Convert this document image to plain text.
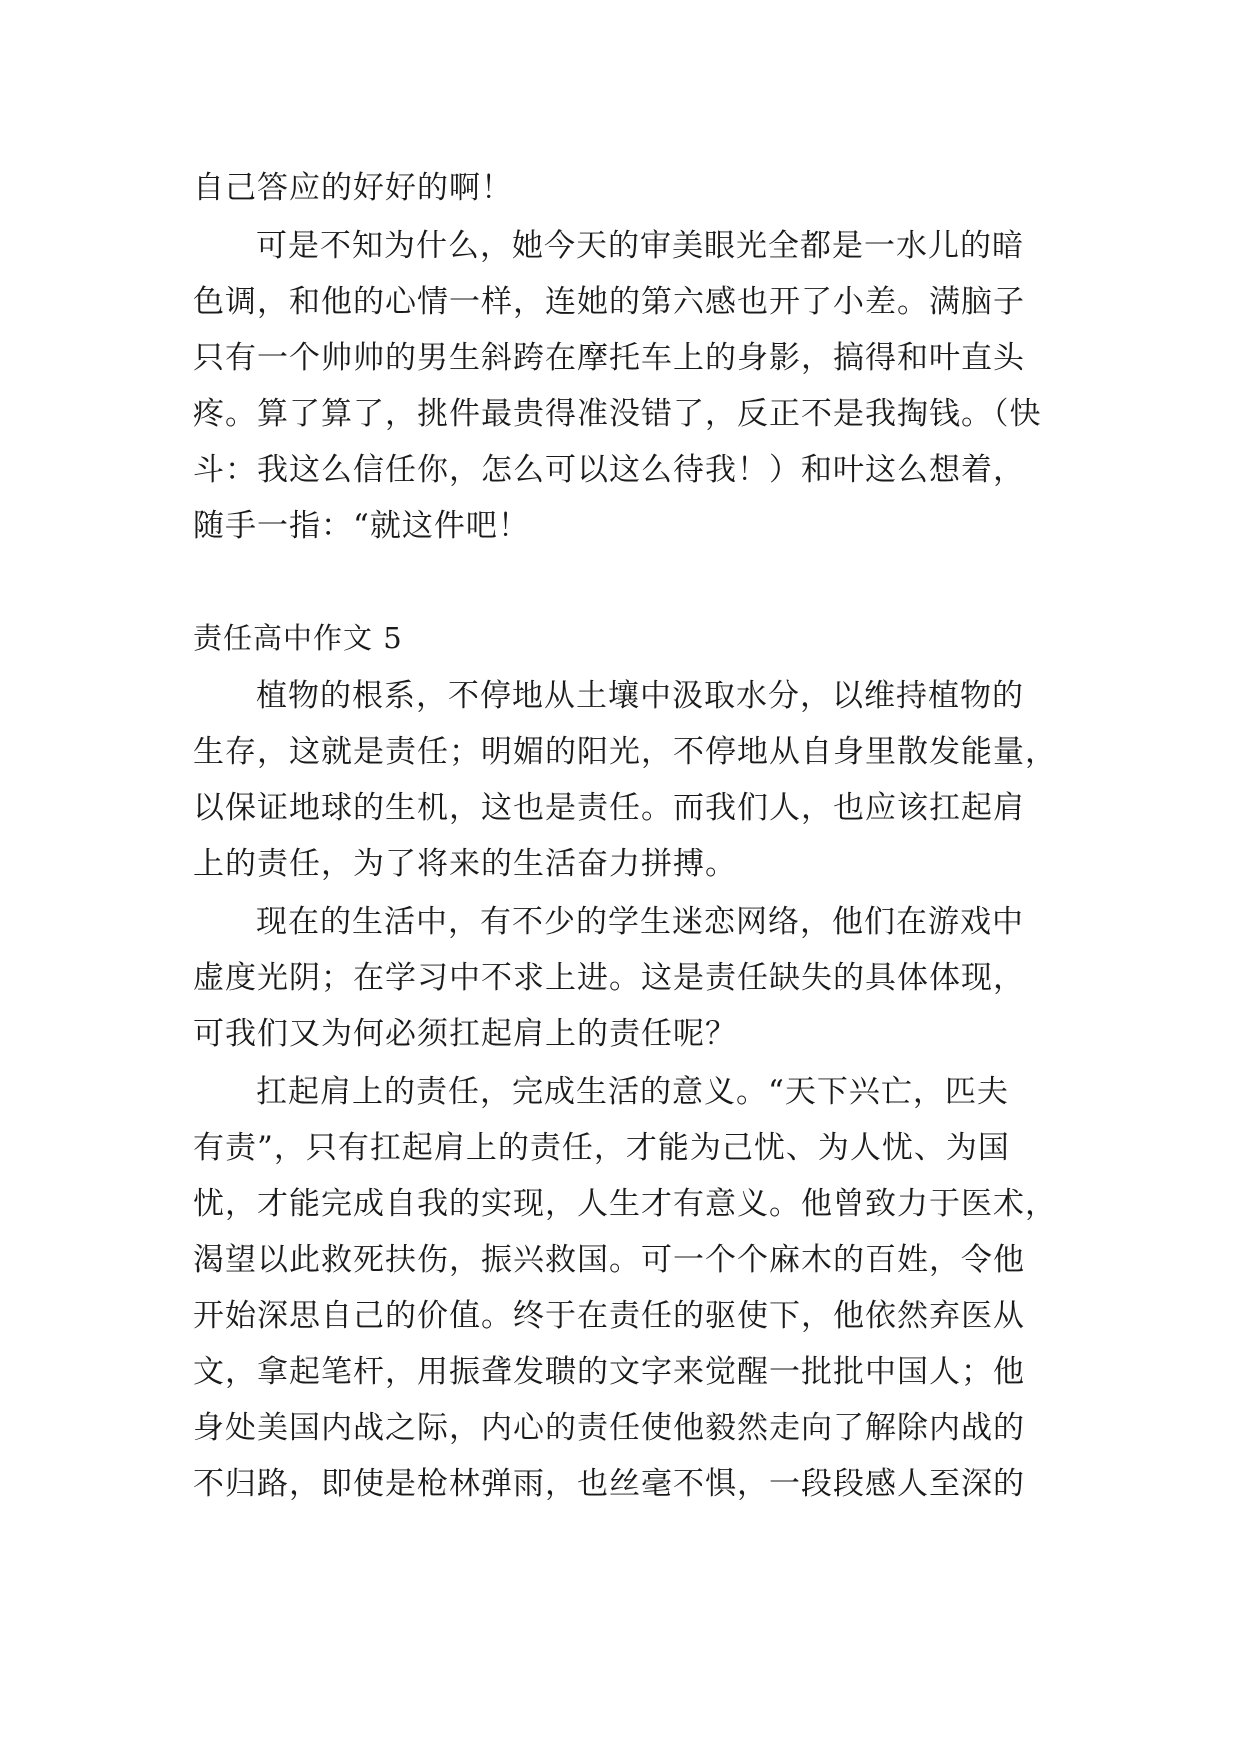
自己答应的好好的啊！
可是不知为什么，她今天的审美眼光全都是一水儿的暗
色调，和他的心情一样，连她的第六感也开了小差。满脑子
只有一个帅帅的男生斜跨在摩托车上的身影，搞得和叶直头
疼。算了算了，挑件最贵得准没错了，反正不是我掏钱。（快
斗：我这么信任你，怎么可以这么待我！）和叶这么想着，
随手一指：“就这件吧！
责任高中作文 5
植物的根系，不停地从土壤中汲取水分，以维持植物的
生存，这就是责任；明媚的阳光，不停地从自身里散发能量，
以保证地球的生机，这也是责任。而我们人，也应该扛起肩
上的责任，为了将来的生活奋力拼搏。
现在的生活中，有不少的学生迷恋网络，他们在游戏中
虚度光阴；在学习中不求上进。这是责任缺失的具体体现，
可我们又为何必须扛起肩上的责任呢？
扛起肩上的责任，完成生活的意义。“天下兴亡，匹夫
有责”，只有扛起肩上的责任，才能为己忧、为人忧、为国
忧，才能完成自我的实现，人生才有意义。他曾致力于医术，
渴望以此救死扶伤，振兴救国。可一个个麻木的百姓，令他
开始深思自己的价值。终于在责任的驱使下，他依然弃医从
文，拿起笔杆，用振聋发聩的文字来觉醒一批批中国人；他
身处美国内战之际，内心的责任使他毅然走向了解除内战的
不归路，即使是枪林弹雨，也丝毫不惧，一段段感人至深的
